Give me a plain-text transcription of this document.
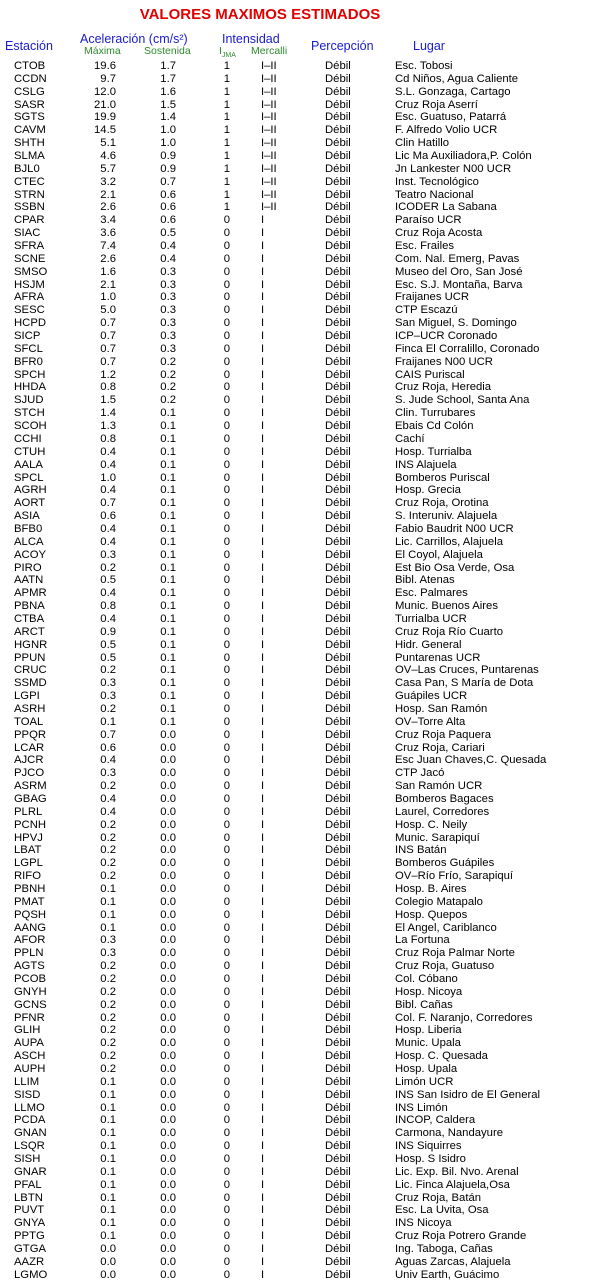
VALORES MAXIMOS ESTIMADOS
Estación Aceleración (cm/s²)
Máxima Sostenida
Intensidad
$I_{JMA}$ Mercalli Percepción	Lugar
CTOB	19.6	1.7	1	I–II	Débil	Esc. Tobosi
CCDN	9.7	1.7	1	I–II	Débil	Cd Niños, Agua Caliente
CSLG	12.0	1.6	1	I–II	Débil	S.L. Gonzaga, Cartago
SASR	21.0	1.5	1	I–II	Débil	Cruz Roja Aserrí
SGTS	19.9	1.4	1	I–II	Débil	Esc. Guatuso, Patarrá
CAVM	14.5	1.0	1	I–II	Débil	F. Alfredo Volio UCR
SHTH	5.1	1.0	1	I–II	Débil	Clin Hatillo
SLMA	4.6	0.9	1	I–II	Débil	Lic Ma Auxiliadora,P. Colón
BJL0	5.7	0.9	1	I–II	Débil	Jn Lankester N00 UCR
CTEC	3.2	0.7	1	I–II	Débil	Inst. Tecnológico
STRN	2.1	0.6	1	I–II	Débil	Teatro Nacional
SSBN	2.6	0.6	1	I–II	Débil	ICODER La Sabana
CPAR	3.4	0.6	0	I	Débil	Paraíso UCR
SIAC	3.6	0.5	0	I	Débil	Cruz Roja Acosta
SFRA	7.4	0.4	0	I	Débil	Esc. Frailes
SCNE	2.6	0.4	0	I	Débil	Com. Nal. Emerg, Pavas
SMSO	1.6	0.3	0	I	Débil	Museo del Oro, San José
HSJM	2.1	0.3	0	I	Débil	Esc. S.J. Montaña, Barva
AFRA	1.0	0.3	0	I	Débil	Fraijanes UCR
SESC	5.0	0.3	0	I	Débil	CTP Escazú
HCPD	0.7	0.3	0	I	Débil	San Miguel, S. Domingo
SICP	0.7	0.3	0	I	Débil	ICP–UCR Coronado
SFCL	0.7	0.3	0	I	Débil	Finca El Corralillo, Coronado
BFR0	0.7	0.2	0	I	Débil	Fraijanes N00 UCR
SPCH	1.2	0.2	0	I	Débil	CAIS Puriscal
HHDA	0.8	0.2	0	I	Débil	Cruz Roja, Heredia
SJUD	1.5	0.2	0	I	Débil	S. Jude School, Santa Ana
STCH	1.4	0.1	0	I	Débil	Clin. Turrubares
SCOH	1.3	0.1	0	I	Débil	Ebais Cd Colón
CCHI	0.8	0.1	0	I	Débil	Cachí
CTUH	0.4	0.1	0	I	Débil	Hosp. Turrialba
AALA	0.4	0.1	0	I	Débil	INS Alajuela
SPCL	1.0	0.1	0	I	Débil	Bomberos Puriscal
AGRH	0.4	0.1	0	I	Débil	Hosp. Grecia
AORT	0.7	0.1	0	I	Débil	Cruz Roja, Orotina
ASIA	0.6	0.1	0	I	Débil	S. Interuniv. Alajuela
BFB0	0.4	0.1	0	I	Débil	Fabio Baudrit N00 UCR
ALCA	0.4	0.1	0	I	Débil	Lic. Carrillos, Alajuela
ACOY	0.3	0.1	0	I	Débil	El Coyol, Alajuela
PIRO	0.2	0.1	0	I	Débil	Est Bio Osa Verde, Osa
AATN	0.5	0.1	0	I	Débil	Bibl. Atenas
APMR	0.4	0.1	0	I	Débil	Esc. Palmares
PBNA	0.8	0.1	0	I	Débil	Munic. Buenos Aires
CTBA	0.4	0.1	0	I	Débil	Turrialba UCR
ARCT	0.9	0.1	0	I	Débil	Cruz Roja Río Cuarto
HGNR	0.5	0.1	0	I	Débil	Hidr. General
PPUN	0.5	0.1	0	I	Débil	Puntarenas UCR
CRUC	0.2	0.1	0	I	Débil	OV–Las Cruces, Puntarenas
SSMD	0.3	0.1	0	I	Débil	Casa Pan, S María de Dota
LGPI	0.3	0.1	0	I	Débil	Guápiles UCR
ASRH	0.2	0.1	0	I	Débil	Hosp. San Ramón
TOAL	0.1	0.1	0	I	Débil	OV–Torre Alta
PPQR	0.7	0.0	0	I	Débil	Cruz Roja Paquera
LCAR	0.6	0.0	0	I	Débil	Cruz Roja, Cariari
AJCR	0.4	0.0	0	I	Débil	Esc Juan Chaves,C. Quesada
PJCO	0.3	0.0	0	I	Débil	CTP Jacó
ASRM	0.2	0.0	0	I	Débil	San Ramón UCR
GBAG	0.4	0.0	0	I	Débil	Bomberos Bagaces
PLRL	0.4	0.0	0	I	Débil	Laurel, Corredores
PCNH	0.2	0.0	0	I	Débil	Hosp. C. Neily
HPVJ	0.2	0.0	0	I	Débil	Munic. Sarapiquí
LBAT	0.2	0.0	0	I	Débil	INS Batán
LGPL	0.2	0.0	0	I	Débil	Bomberos Guápiles
RIFO	0.2	0.0	0	I	Débil	OV–Río Frío, Sarapiquí
PBNH	0.1	0.0	0	I	Débil	Hosp. B. Aires
PMAT	0.1	0.0	0	I	Débil	Colegio Matapalo
PQSH	0.1	0.0	0	I	Débil	Hosp. Quepos
AANG	0.1	0.0	0	I	Débil	El Angel, Cariblanco
AFOR	0.3	0.0	0	I	Débil	La Fortuna
PPLN	0.3	0.0	0	I	Débil	Cruz Roja Palmar Norte
AGTS	0.2	0.0	0	I	Débil	Cruz Roja, Guatuso
PCOB	0.2	0.0	0	I	Débil	Col. Cóbano
GNYH	0.2	0.0	0	I	Débil	Hosp. Nicoya
GCNS	0.2	0.0	0	I	Débil	Bibl. Cañas
PFNR	0.2	0.0	0	I	Débil	Col. F. Naranjo, Corredores
GLIH	0.2	0.0	0	I	Débil	Hosp. Liberia
AUPA	0.2	0.0	0	I	Débil	Munic. Upala
ASCH	0.2	0.0	0	I	Débil	Hosp. C. Quesada
AUPH	0.2	0.0	0	I	Débil	Hosp. Upala
LLIM	0.1	0.0	0	I	Débil	Limón UCR
SISD	0.1	0.0	0	I	Débil	INS San Isidro de El General
LLMO	0.1	0.0	0	I	Débil	INS Limón
PCDA	0.1	0.0	0	I	Débil	INCOP, Caldera
GNAN	0.1	0.0	0	I	Débil	Carmona, Nandayure
LSQR	0.1	0.0	0	I	Débil	INS Siquirres
SISH	0.1	0.0	0	I	Débil	Hosp. S Isidro
GNAR	0.1	0.0	0	I	Débil	Lic. Exp. Bil. Nvo. Arenal
PFAL	0.1	0.0	0	I	Débil	Lic. Finca Alajuela,Osa
LBTN	0.1	0.0	0	I	Débil	Cruz Roja, Batán
PUVT	0.1	0.0	0	I	Débil	Esc. La Uvita, Osa
GNYA	0.1	0.0	0	I	Débil	INS Nicoya
PPTG	0.1	0.0	0	I	Débil	Cruz Roja Potrero Grande
GTGA	0.0	0.0	0	I	Débil	Ing. Taboga, Cañas
AAZR	0.0	0.0	0	I	Débil	Aguas Zarcas, Alajuela
LGMO	0.0	0.0	0	I	Débil	Univ Earth, Guácimo
